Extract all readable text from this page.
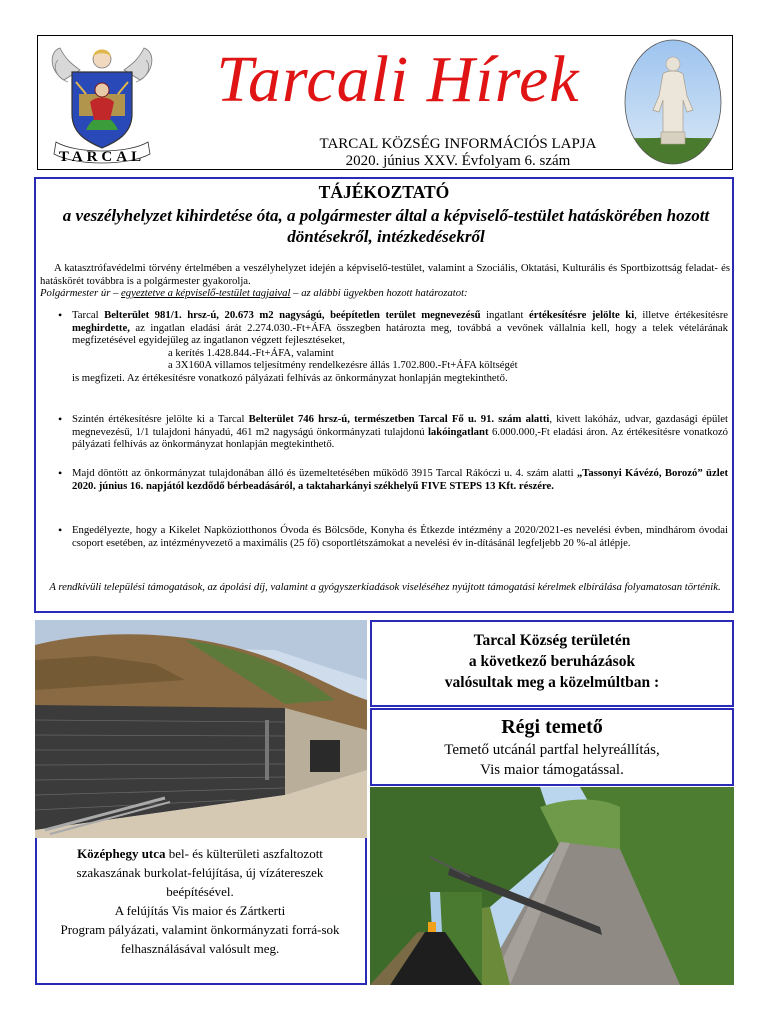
TARCAL
Tarcali Hírek
TARCAL KÖZSÉG INFORMÁCIÓS LAPJA
2020. június XXV. Évfolyam 6. szám
TÁJÉKOZTATÓ
a veszélyhelyzet kihirdetése óta, a polgármester által a képviselő-testület hatáskörében hozott döntésekről, intézkedésekről
A katasztrófavédelmi törvény értelmében a veszélyhelyzet idején a képviselő-testület, valamint a Szociális, Oktatási, Kulturális és Sportbizottság feladat- és hatáskörét továbbra is a polgármester gyakorolja.
Polgármester úr – egyeztetve a képviselő-testület tagjaival – az alábbi ügyekben hozott határozatot:
• Tarcal Belterület 981/1. hrsz-ú, 20.673 m2 nagyságú, beépítetlen terület megnevezésű ingatlant értékesítésre jelölte ki, illetve értékesítésre meghirdette, az ingatlan eladási árát 2.274.030.-Ft+ÁFA összegben határozta meg, továbbá a vevőnek vállalnia kell, hogy a telek vételárának megfizetésével egyidejűleg az ingatlanon végzett fejlesztéseket,
a kerítés 1.428.844.-Ft+ÁFA, valamint
a 3X160A villamos teljesítmény rendelkezésre állás 1.702.800.-Ft+ÁFA költségét
is megfizeti. Az értékesítésre vonatkozó pályázati felhívás az önkormányzat honlapján megtekinthető.
• Szintén értékesítésre jelölte ki a Tarcal Belterület 746 hrsz-ú, természetben Tarcal Fő u. 91. szám alatti, kivett lakóház, udvar, gazdasági épület megnevezésű, 1/1 tulajdoni hányadú, 461 m2 nagyságú önkormányzati tulajdonú lakóingatlant 6.000.000,-Ft eladási áron. Az értékesítésre vonatkozó pályázati felhívás az önkormányzat honlapján megtekinthető.
• Majd döntött az önkormányzat tulajdonában álló és üzemeltetésében működő 3915 Tarcal Rákóczi u. 4. szám alatti „Tassonyi Kávézó, Borozó” üzlet 2020. június 16. napjától kezdődő bérbeadásáról, a taktaharkányi székhelyű FIVE STEPS 13 Kft. részére.
• Engedélyezte, hogy a Kikelet Napköziotthonos Óvoda és Bölcsőde, Konyha és Étkezde intézmény a 2020/2021-es nevelési évben, mindhárom óvodai csoport esetében, az intézményvezető a maximális (25 fő) csoportlétszámokat a nevelési év in-dításánál legfeljebb 20 %-al átlépje.
A rendkívüli települési támogatások, az ápolási díj, valamint a gyógyszerkiadások viseléséhez nyújtott támogatási kérelmek elbírálása folyamatosan történik.
Középhegy utca bel- és külterületi aszfaltozott szakaszának burkolat-felújítása, új vízátereszek beépítésével.
A felújítás Vis maior és Zártkerti
Program pályázati, valamint önkormányzati forrá-sok felhasználásával valósult meg.
Tarcal Község területén
a következő beruházások
valósultak meg a közelmúltban :
Régi temető
Temető utcánál partfal helyreállítás,
Vis maior támogatással.
